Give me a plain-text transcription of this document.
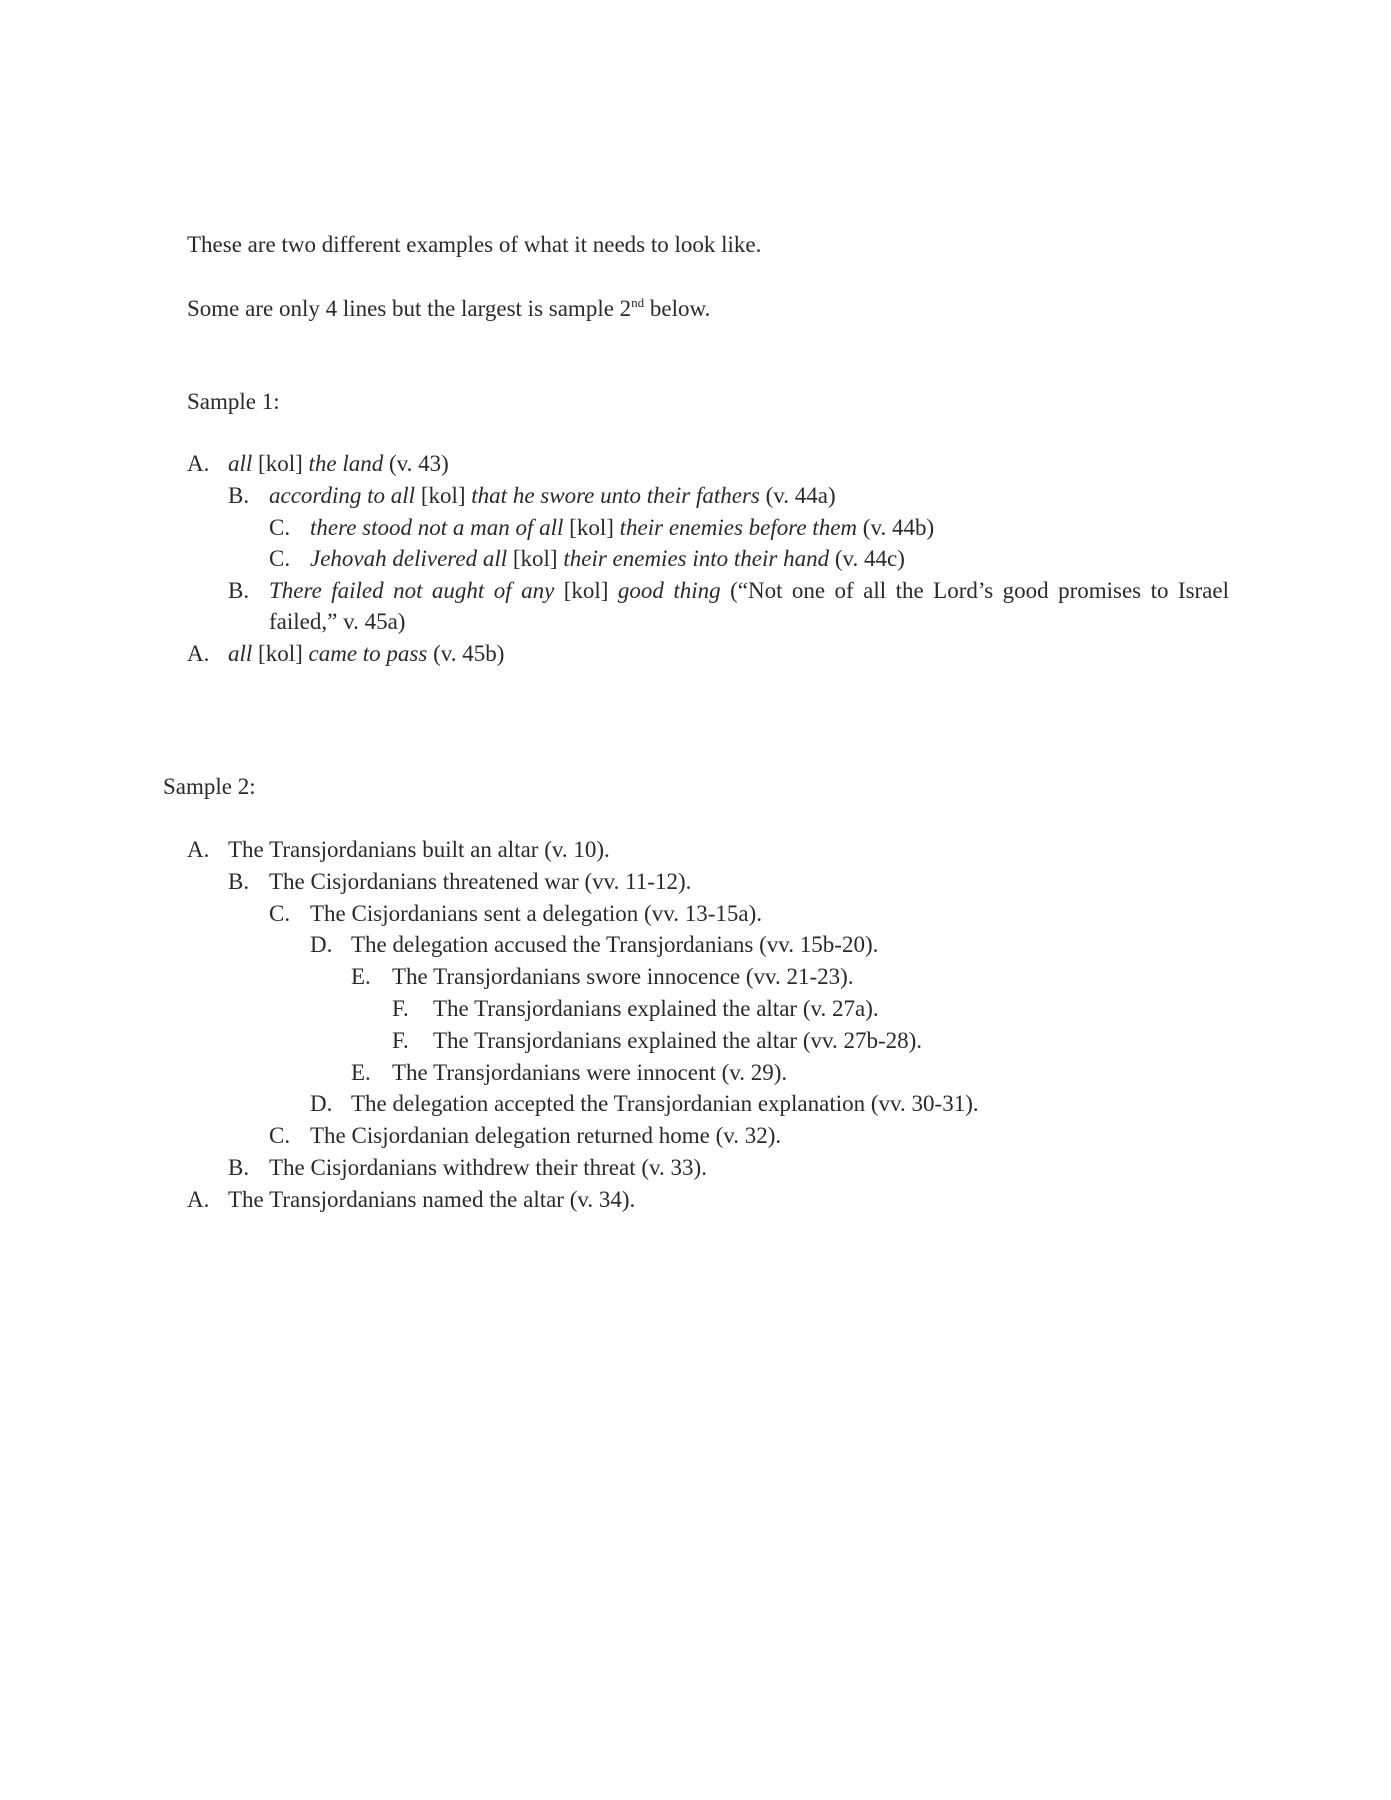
These are two different examples of what it needs to look like.
Some are only 4 lines but the largest is sample 2nd below.
Sample 1:
A. all [kol] the land (v. 43)
B. according to all [kol] that he swore unto their fathers (v. 44a)
C. there stood not a man of all [kol] their enemies before them (v. 44b)
C. Jehovah delivered all [kol] their enemies into their hand (v. 44c)
B. There failed not aught of any [kol] good thing (“Not one of all the Lord’s good promises to Israel
failed,” v. 45a)
A. all [kol] came to pass (v. 45b)
Sample 2:
A. The Transjordanians built an altar (v. 10).
B. The Cisjordanians threatened war (vv. 11-12).
C. The Cisjordanians sent a delegation (vv. 13-15a).
D. The delegation accused the Transjordanians (vv. 15b-20).
E. The Transjordanians swore innocence (vv. 21-23).
F. The Transjordanians explained the altar (v. 27a).
F. The Transjordanians explained the altar (vv. 27b-28).
E. The Transjordanians were innocent (v. 29).
D. The delegation accepted the Transjordanian explanation (vv. 30-31).
C. The Cisjordanian delegation returned home (v. 32).
B. The Cisjordanians withdrew their threat (v. 33).
A. The Transjordanians named the altar (v. 34).
